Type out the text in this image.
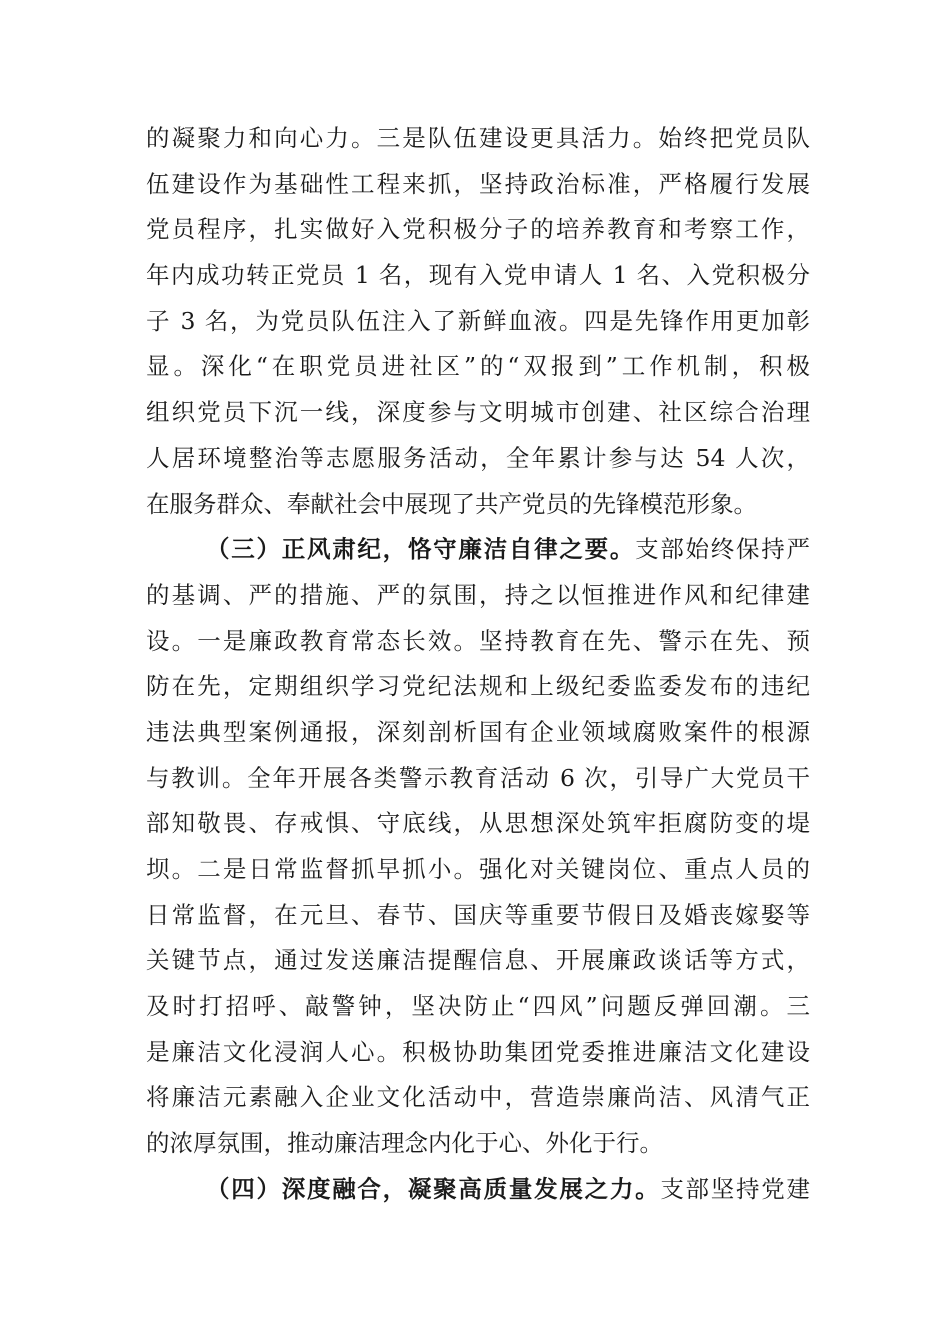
的凝聚力和向心力。三是队伍建设更具活力。始终把党员队
伍建设作为基础性工程来抓，坚持政治标准，严格履行发展
党员程序，扎实做好入党积极分子的培养教育和考察工作，
年内成功转正党员 1 名，现有入党申请人 1 名、入党积极分
子 3 名，为党员队伍注入了新鲜血液。四是先锋作用更加彰
显。深化“在职党员进社区”的“双报到”工作机制，积极
组织党员下沉一线，深度参与文明城市创建、社区综合治理
人居环境整治等志愿服务活动，全年累计参与达 54 人次，
在服务群众、奉献社会中展现了共产党员的先锋模范形象。
（三）正风肃纪，恪守廉洁自律之要。支部始终保持严
的基调、严的措施、严的氛围，持之以恒推进作风和纪律建
设。一是廉政教育常态长效。坚持教育在先、警示在先、预
防在先，定期组织学习党纪法规和上级纪委监委发布的违纪
违法典型案例通报，深刻剖析国有企业领域腐败案件的根源
与教训。全年开展各类警示教育活动 6 次，引导广大党员干
部知敬畏、存戒惧、守底线，从思想深处筑牢拒腐防变的堤
坝。二是日常监督抓早抓小。强化对关键岗位、重点人员的
日常监督，在元旦、春节、国庆等重要节假日及婚丧嫁娶等
关键节点，通过发送廉洁提醒信息、开展廉政谈话等方式，
及时打招呼、敲警钟，坚决防止“四风”问题反弹回潮。三
是廉洁文化浸润人心。积极协助集团党委推进廉洁文化建设
将廉洁元素融入企业文化活动中，营造崇廉尚洁、风清气正
的浓厚氛围，推动廉洁理念内化于心、外化于行。
（四）深度融合，凝聚高质量发展之力。支部坚持党建
